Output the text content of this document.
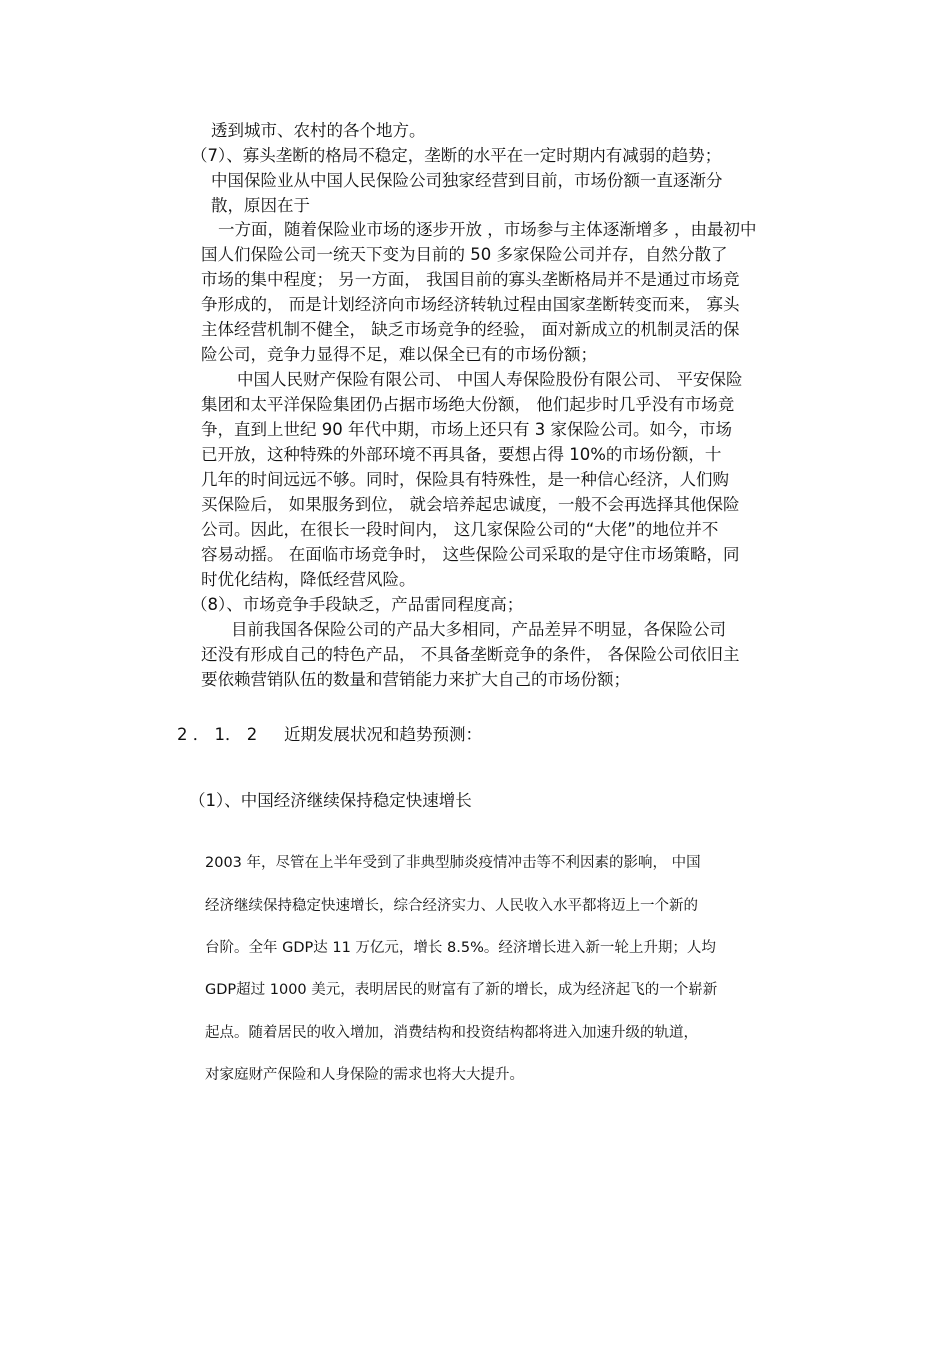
透到城市、农村的各个地方。

（7）、寡头垄断的格局不稳定，垄断的水平在一定时期内有减弱的趋势；

中国保险业从中国人民保险公司独家经营到目前，市场份额一直逐渐分

散，原因在于

一方面，随着保险业市场的逐步开放 ，市场参与主体逐渐增多 ，由最初中

国人们保险公司一统天下变为目前的 50 多家保险公司并存，自然分散了

市场的集中程度； 另一方面， 我国目前的寡头垄断格局并不是通过市场竞

争形成的， 而是计划经济向市场经济转轨过程由国家垄断转变而来， 寡头

主体经营机制不健全， 缺乏市场竞争的经验， 面对新成立的机制灵活的保

险公司，竞争力显得不足，难以保全已有的市场份额；

中国人民财产保险有限公司、 中国人寿保险股份有限公司、 平安保险

集团和太平洋保险集团仍占据市场绝大份额， 他们起步时几乎没有市场竞

争，直到上世纪 90 年代中期，市场上还只有 3 家保险公司。如今，市场

已开放，这种特殊的外部环境不再具备，要想占得 10%的市场份额，十

几年的时间远远不够。同时，保险具有特殊性，是一种信心经济，人们购

买保险后， 如果服务到位， 就会培养起忠诚度，一般不会再选择其他保险

公司。因此，在很长一段时间内， 这几家保险公司的“大佬”的地位并不

容易动摇。 在面临市场竞争时， 这些保险公司采取的是守住市场策略，同

时优化结构，降低经营风险。

（8）、市场竞争手段缺乏，产品雷同程度高；

目前我国各保险公司的产品大多相同，产品差异不明显，各保险公司

还没有形成自己的特色产品， 不具备垄断竞争的条件， 各保险公司依旧主

要依赖营销队伍的数量和营销能力来扩大自己的市场份额；

2 ． 1． 2 近期发展状况和趋势预测：

（1）、中国经济继续保持稳定快速增长

2003 年，尽管在上半年受到了非典型肺炎疫情冲击等不利因素的影响， 中国

经济继续保持稳定快速增长，综合经济实力、人民收入水平都将迈上一个新的

台阶。全年 GDP达 11 万亿元，增长 8.5%。经济增长进入新一轮上升期；人均

GDP超过 1000 美元，表明居民的财富有了新的增长，成为经济起飞的一个崭新

起点。随着居民的收入增加，消费结构和投资结构都将进入加速升级的轨道，

对家庭财产保险和人身保险的需求也将大大提升。
